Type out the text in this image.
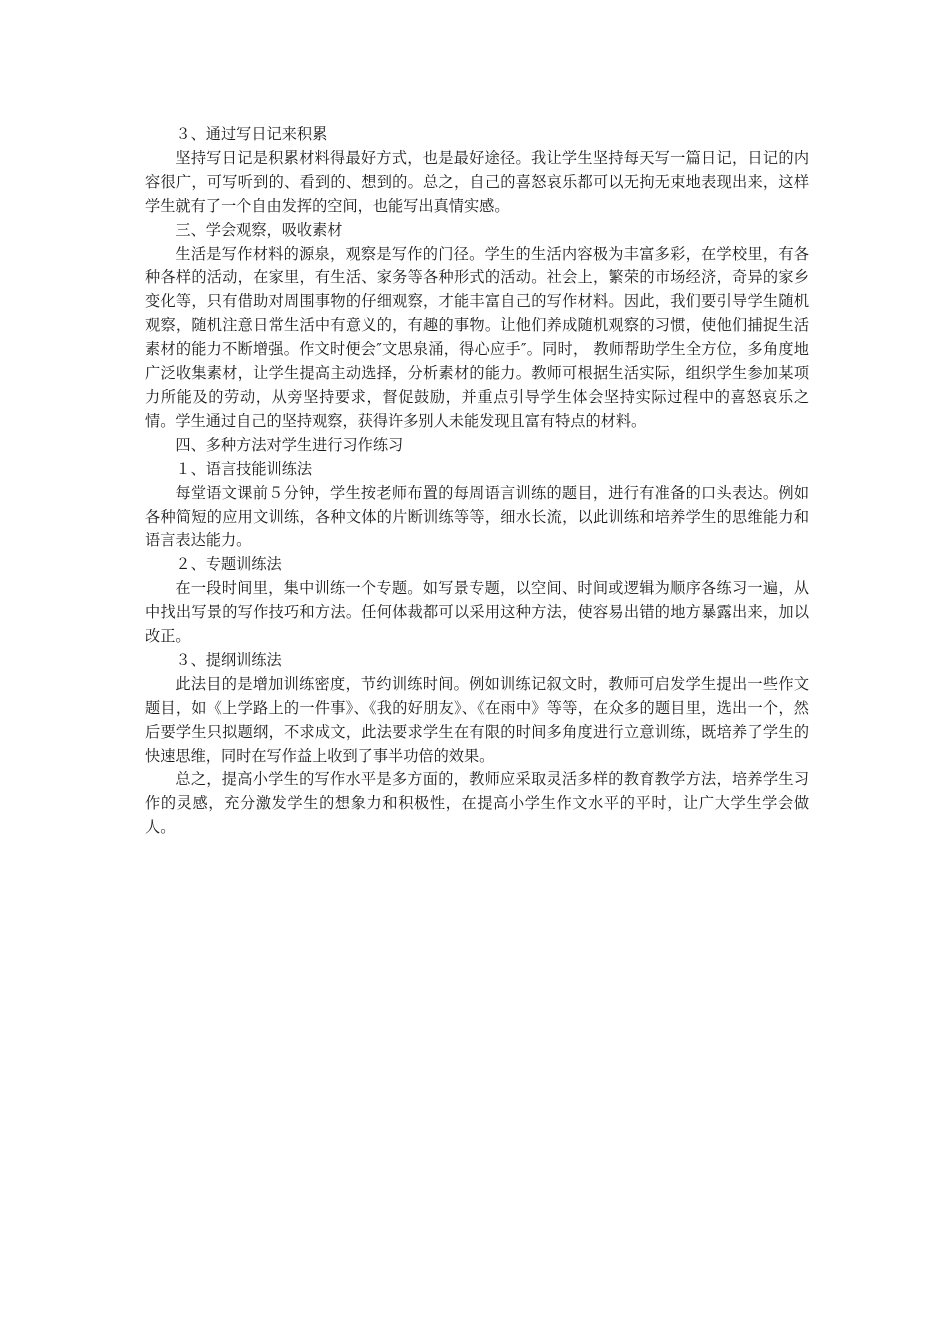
３、通过写日记来积累

坚持写日记是积累材料得最好方式，也是最好途径。我让学生坚持每天写一篇日记，日记的内容很广，可写听到的、看到的、想到的。总之，自己的喜怒哀乐都可以无拘无束地表现出来，这样学生就有了一个自由发挥的空间，也能写出真情实感。

三、学会观察，吸收素材

生活是写作材料的源泉，观察是写作的门径。学生的生活内容极为丰富多彩，在学校里，有各种各样的活动，在家里，有生活、家务等各种形式的活动。社会上，繁荣的市场经济，奇异的家乡变化等，只有借助对周围事物的仔细观察，才能丰富自己的写作材料。因此，我们要引导学生随机观察，随机注意日常生活中有意义的，有趣的事物。让他们养成随机观察的习惯，使他们捕捉生活素材的能力不断增强。作文时便会″文思泉涌，得心应手″。同时， 教师帮助学生全方位，多角度地广泛收集素材，让学生提高主动选择，分析素材的能力。教师可根据生活实际，组织学生参加某项力所能及的劳动，从旁坚持要求，督促鼓励，并重点引导学生体会坚持实际过程中的喜怒哀乐之情。学生通过自己的坚持观察，获得许多别人未能发现且富有特点的材料。

四、多种方法对学生进行习作练习

１、语言技能训练法

每堂语文课前５分钟，学生按老师布置的每周语言训练的题目，进行有准备的口头表达。例如各种简短的应用文训练，各种文体的片断训练等等，细水长流，以此训练和培养学生的思维能力和语言表达能力。

２、专题训练法

在一段时间里，集中训练一个专题。如写景专题，以空间、时间或逻辑为顺序各练习一遍，从中找出写景的写作技巧和方法。任何体裁都可以采用这种方法，使容易出错的地方暴露出来，加以改正。

３、提纲训练法

此法目的是增加训练密度，节约训练时间。例如训练记叙文时，教师可启发学生提出一些作文题目，如《上学路上的一件事》、《我的好朋友》、《在雨中》等等，在众多的题目里，选出一个，然后要学生只拟题纲，不求成文，此法要求学生在有限的时间多角度进行立意训练，既培养了学生的快速思维，同时在写作益上收到了事半功倍的效果。

总之，提高小学生的写作水平是多方面的，教师应采取灵活多样的教育教学方法，培养学生习作的灵感，充分激发学生的想象力和积极性，在提高小学生作文水平的平时，让广大学生学会做人。
